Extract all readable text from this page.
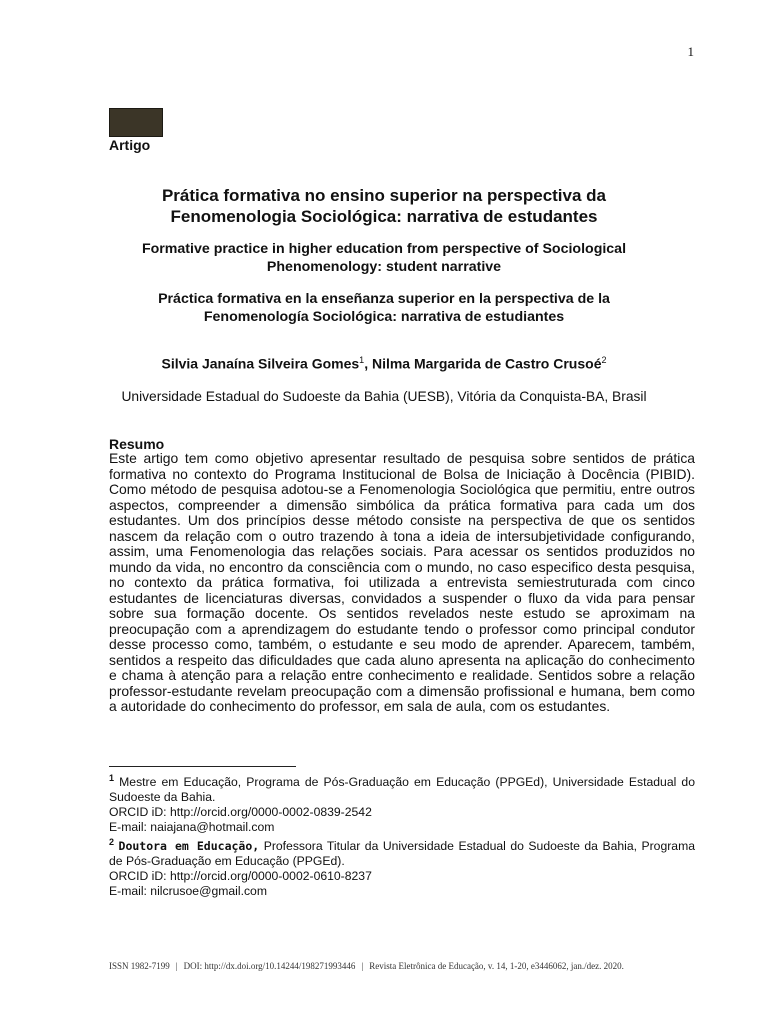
1
Artigo
Prática formativa no ensino superior na perspectiva da
Fenomenologia Sociológica: narrativa de estudantes
Formative practice in higher education from perspective of Sociological
Phenomenology: student narrative
Práctica formativa en la enseñanza superior en la perspectiva de la
Fenomenología Sociológica: narrativa de estudiantes
Silvia Janaína Silveira Gomes$^1$, Nilma Margarida de Castro Crusoé$^2$
Universidade Estadual do Sudoeste da Bahia (UESB), Vitória da Conquista-BA, Brasil
Resumo

Este artigo tem como objetivo apresentar resultado de pesquisa sobre sentidos de prática formativa no contexto do Programa Institucional de Bolsa de Iniciação à Docência (PIBID). Como método de pesquisa adotou-se a Fenomenologia Sociológica que permitiu, entre outros aspectos, compreender a dimensão simbólica da prática formativa para cada um dos estudantes. Um dos princípios desse método consiste na perspectiva de que os sentidos nascem da relação com o outro trazendo à tona a ideia de intersubjetividade configurando, assim, uma Fenomenologia das relações sociais. Para acessar os sentidos produzidos no mundo da vida, no encontro da consciência com o mundo, no caso especifico desta pesquisa, no contexto da prática formativa, foi utilizada a entrevista semiestruturada com cinco estudantes de licenciaturas diversas, convidados a suspender o fluxo da vida para pensar sobre sua formação docente. Os sentidos revelados neste estudo se aproximam na preocupação com a aprendizagem do estudante tendo o professor como principal condutor desse processo como, também, o estudante e seu modo de aprender. Aparecem, também, sentidos a respeito das dificuldades que cada aluno apresenta na aplicação do conhecimento e chama à atenção para a relação entre conhecimento e realidade. Sentidos sobre a relação professor-estudante revelam preocupação com a dimensão profissional e humana, bem como a autoridade do conhecimento do professor, em sala de aula, com os estudantes.

$^1$ Mestre em Educação, Programa de Pós-Graduação em Educação (PPGEd), Universidade Estadual do Sudoeste da Bahia.

ORCID iD: http://orcid.org/0000-0002-0839-2542

E-mail: naiajana@hotmail.com

$^2$ Doutora em Educação, Professora Titular da Universidade Estadual do Sudoeste da Bahia, Programa de Pós-Graduação em Educação (PPGEd).

ORCID iD: http://orcid.org/0000-0002-0610-8237

E-mail: nilcrusoe@gmail.com

ISSN 1982-7199 | DOI: http://dx.doi.org/10.14244/198271993446 | Revista Eletrônica de Educação, v. 14, 1-20, e3446062, jan./dez. 2020.
